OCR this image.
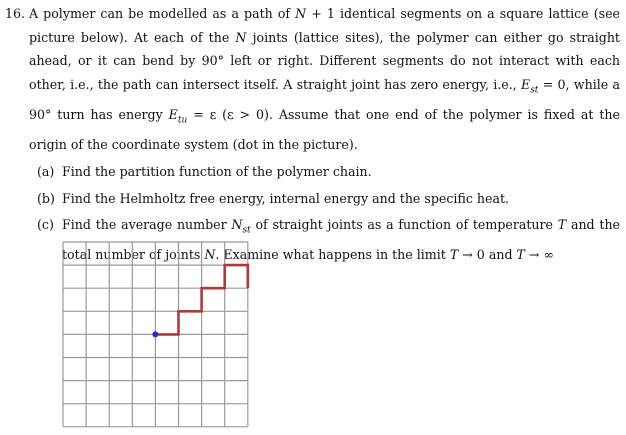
16. A polymer can be modelled as a path of N + 1 identical segments on a square lattice (see picture below). At each of the N joints (lattice sites), the polymer can either go straight ahead, or it can bend by 90° left or right. Different segments do not interact with each other, i.e., the path can intersect itself. A straight joint has zero energy, i.e., $E_{st} = 0$, while a 90° turn has energy $E_{tu} = \varepsilon$ (ε > 0). Assume that one end of the polymer is fixed at the origin of the coordinate system (dot in the picture).

(a) Find the partition function of the polymer chain.
(b) Find the Helmholtz free energy, internal energy and the specific heat.
(c) Find the average number $N_{st}$ of straight joints as a function of temperature T and the total number of joints N. Examine what happens in the limit T → 0 and T → ∞
